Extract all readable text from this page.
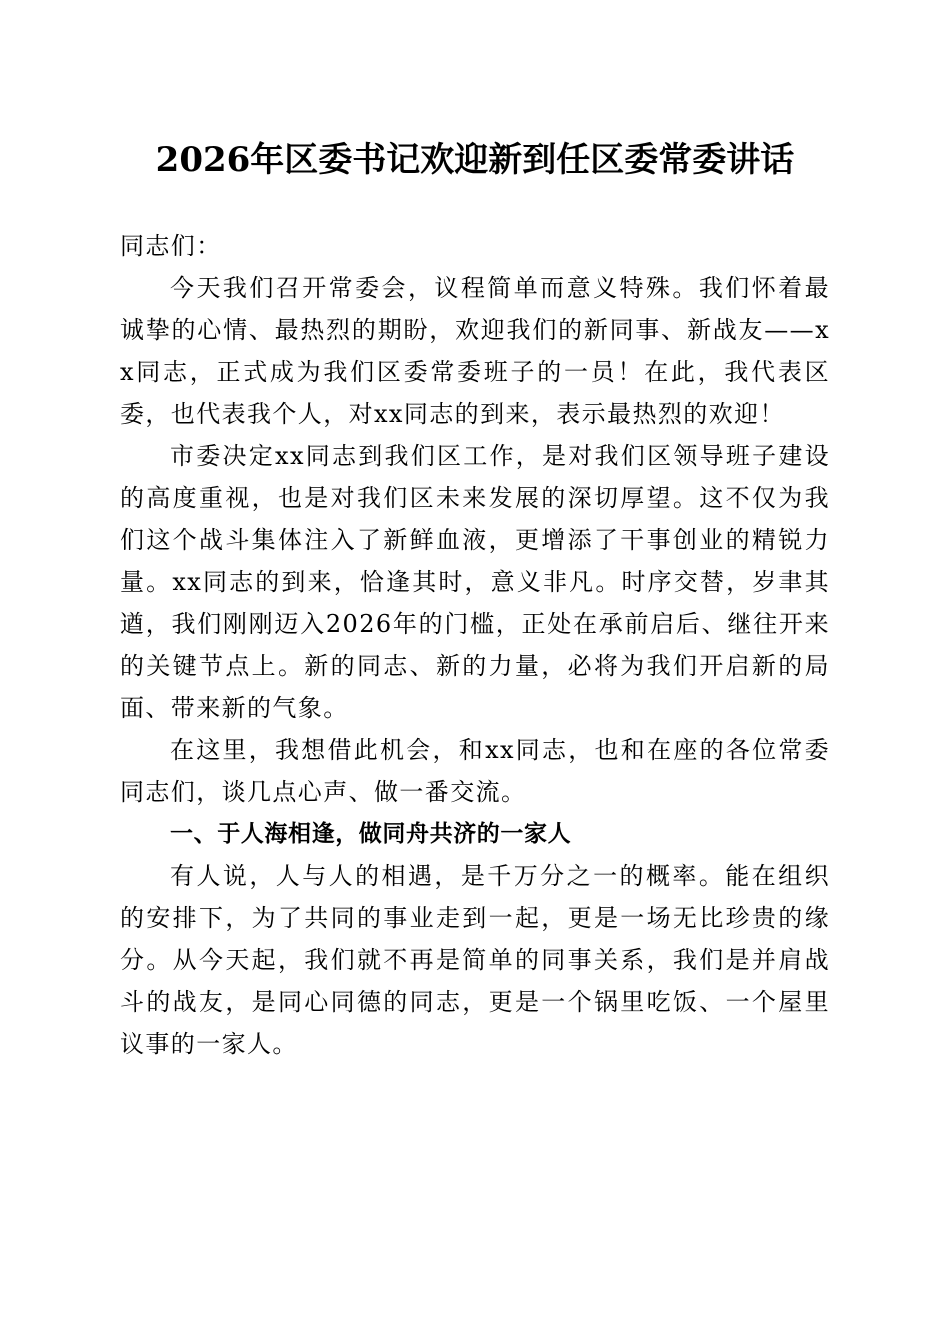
2026年区委书记欢迎新到任区委常委讲话

同志们：

今天我们召开常委会，议程简单而意义特殊。我们怀着最诚挚的心情、最热烈的期盼，欢迎我们的新同事、新战友——xx同志，正式成为我们区委常委班子的一员！在此，我代表区委，也代表我个人，对xx同志的到来，表示最热烈的欢迎！

市委决定xx同志到我们区工作，是对我们区领导班子建设的高度重视，也是对我们区未来发展的深切厚望。这不仅为我们这个战斗集体注入了新鲜血液，更增添了干事创业的精锐力量。xx同志的到来，恰逢其时，意义非凡。时序交替，岁聿其遒，我们刚刚迈入2026年的门槛，正处在承前启后、继往开来的关键节点上。新的同志、新的力量，必将为我们开启新的局面、带来新的气象。

在这里，我想借此机会，和xx同志，也和在座的各位常委同志们，谈几点心声、做一番交流。

一、于人海相逢，做同舟共济的一家人

有人说，人与人的相遇，是千万分之一的概率。能在组织的安排下，为了共同的事业走到一起，更是一场无比珍贵的缘分。从今天起，我们就不再是简单的同事关系，我们是并肩战斗的战友，是同心同德的同志，更是一个锅里吃饭、一个屋里议事的一家人。
